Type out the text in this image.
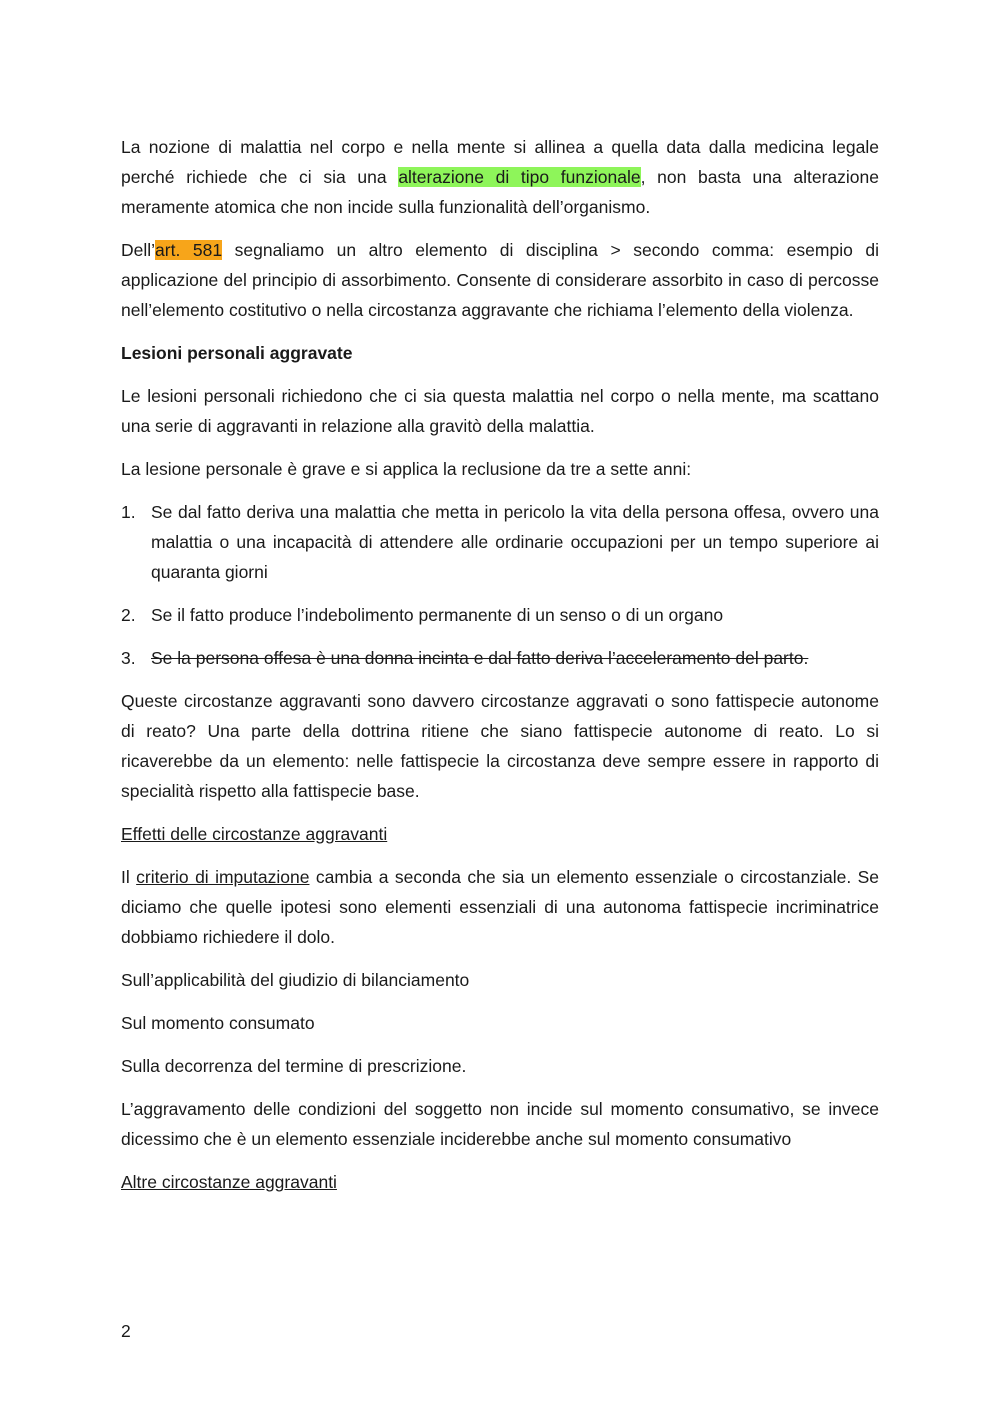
La nozione di malattia nel corpo e nella mente si allinea a quella data dalla medicina legale perché richiede che ci sia una alterazione di tipo funzionale, non basta una alterazione meramente atomica che non incide sulla funzionalità dell’organismo.

Dell’art. 581 segnaliamo un altro elemento di disciplina > secondo comma: esempio di applicazione del principio di assorbimento. Consente di considerare assorbito in caso di percosse nell’elemento costitutivo o nella circostanza aggravante che richiama l’elemento della violenza.

Lesioni personali aggravate

Le lesioni personali richiedono che ci sia questa malattia nel corpo o nella mente, ma scattano una serie di aggravanti in relazione alla gravitò della malattia.

La lesione personale è grave e si applica la reclusione da tre a sette anni:

1. Se dal fatto deriva una malattia che metta in pericolo la vita della persona offesa, ovvero una malattia o una incapacità di attendere alle ordinarie occupazioni per un tempo superiore ai quaranta giorni
2. Se il fatto produce l’indebolimento permanente di un senso o di un organo
3. Se la persona offesa è una donna incinta e dal fatto deriva l’acceleramento del parto.

Queste circostanze aggravanti sono davvero circostanze aggravati o sono fattispecie autonome di reato? Una parte della dottrina ritiene che siano fattispecie autonome di reato. Lo si ricaverebbe da un elemento: nelle fattispecie la circostanza deve sempre essere in rapporto di specialità rispetto alla fattispecie base.

Effetti delle circostanze aggravanti

Il criterio di imputazione cambia a seconda che sia un elemento essenziale o circostanziale. Se diciamo che quelle ipotesi sono elementi essenziali di una autonoma fattispecie incriminatrice dobbiamo richiedere il dolo.

Sull’applicabilità del giudizio di bilanciamento

Sul momento consumato

Sulla decorrenza del termine di prescrizione.

L’aggravamento delle condizioni del soggetto non incide sul momento consumativo, se invece dicessimo che è un elemento essenziale inciderebbe anche sul momento consumativo

Altre circostanze aggravanti

2
